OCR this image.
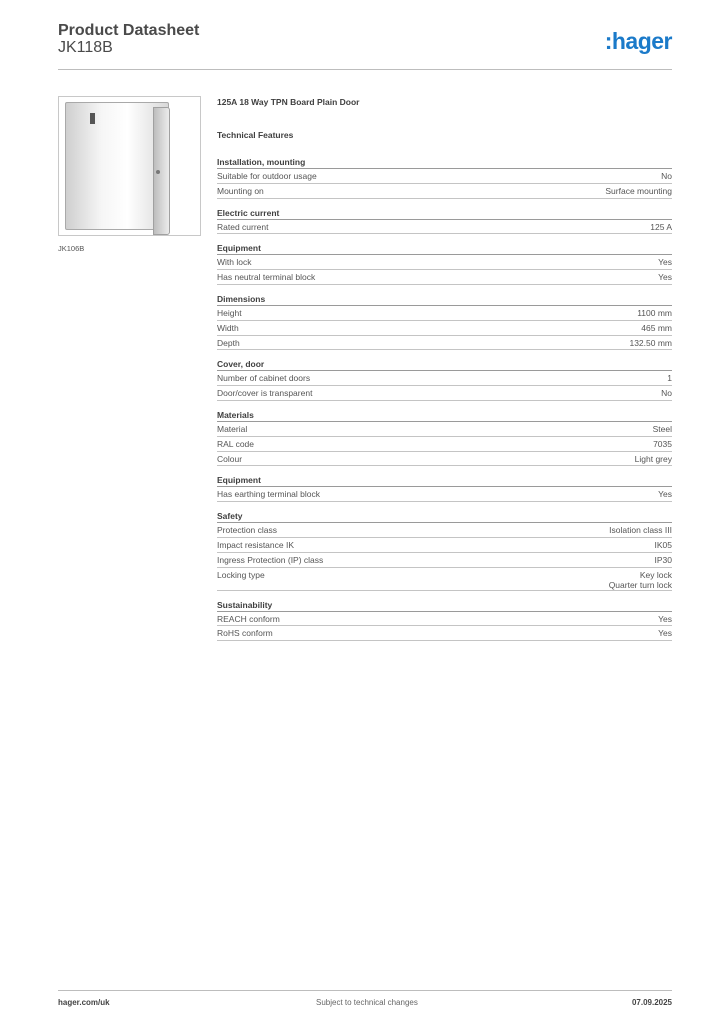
Product Datasheet
JK118B	:hager
JK106B
125A 18 Way TPN Board Plain Door
Technical Features
Installation, mounting
Suitable for outdoor usage	No
Mounting on	Surface mounting
Electric current
Rated current	125 A
Equipment
With lock	Yes
Has neutral terminal block	Yes
Dimensions
Height	1100 mm
Width	465 mm
Depth	132.50 mm
Cover, door
Number of cabinet doors	1
Door/cover is transparent	No
Materials
Material	Steel
RAL code	7035
Colour	Light grey
Equipment
Has earthing terminal block	Yes
Safety
Protection class	Isolation class III
Impact resistance IK	IK05
Ingress Protection (IP) class	IP30
Locking type	Key lock
Quarter turn lock
Sustainability
REACH conform	Yes
RoHS conform	Yes
hager.com/uk	Subject to technical changes	07.09.2025
